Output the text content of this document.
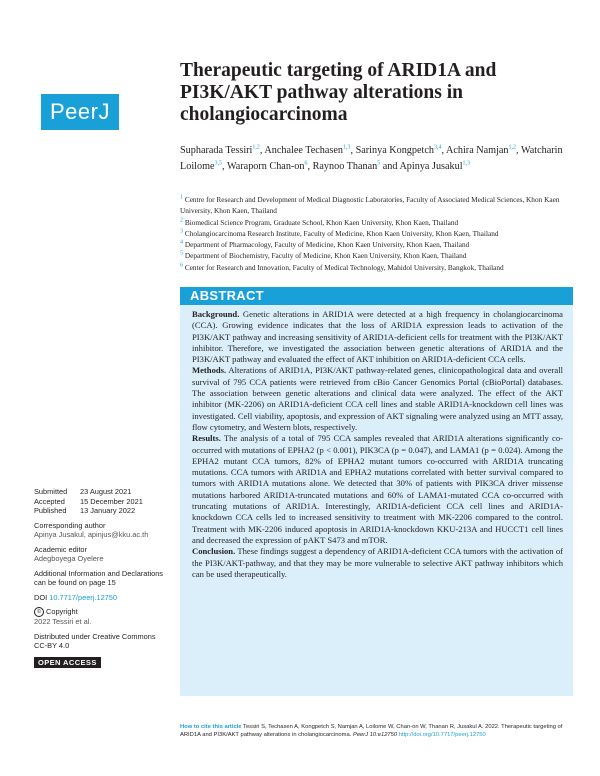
PeerJ
Therapeutic targeting of ARID1A and PI3K/AKT pathway alterations in cholangiocarcinoma

Supharada Tessiri$^{1,2}$, Anchalee Techasen$^{1,3}$, Sarinya Kongpetch$^{3,4}$, Achira Namjan$^{1,2}$, Watcharin Loilome$^{3,5}$, Waraporn Chan-$on^6$, Raynoo Thanan$^5$ and Apinya Jusakul$^{1,3}$

$^1$ Centre for Research and Development of Medical Diagnostic Laboratories, Faculty of Associated Medical Sciences, Khon Kaen University, Khon Kaen, Thailand
$^2$ Biomedical Science Program, Graduate School, Khon Kaen University, Khon Kaen, Thailand
$^3$ Cholangiocarcinoma Research Institute, Faculty of Medicine, Khon Kaen University, Khon Kaen, Thailand
$^4$ Department of Pharmacology, Faculty of Medicine, Khon Kaen University, Khon Kaen, Thailand
$^5$ Department of Biochemistry, Faculty of Medicine, Khon Kaen University, Khon Kaen, Thailand
$^6$ Center for Research and Innovation, Faculty of Medical Technology, Mahidol University, Bangkok, Thailand
ABSTRACT

Background. Genetic alterations in ARID1A were detected at a high frequency in cholangiocarcinoma (CCA). Growing evidence indicates that the loss of ARID1A expression leads to activation of the PI3K/AKT pathway and increasing sensitivity of ARID1A-deficient cells for treatment with the PI3K/AKT inhibitor. Therefore, we investigated the association between genetic alterations of ARID1A and the PI3K/AKT pathway and evaluated the effect of AKT inhibition on ARID1A-deficient CCA cells.

Methods. Alterations of ARID1A, PI3K/AKT pathway-related genes, clinicopathological data and overall survival of 795 CCA patients were retrieved from cBio Cancer Genomics Portal (cBioPortal) databases. The association between genetic alterations and clinical data were analyzed. The effect of the AKT inhibitor (MK-2206) on ARID1A-deficient CCA cell lines and stable ARID1A-knockdown cell lines was investigated. Cell viability, apoptosis, and expression of AKT signaling were analyzed using an MTT assay, flow cytometry, and Western blots, respectively.

Results. The analysis of a total of 795 CCA samples revealed that ARID1A alterations significantly co-occurred with mutations of EPHA2 (p < 0.001), PIK3CA (p = 0.047), and LAMA1 (p = 0.024). Among the EPHA2 mutant CCA tumors, 82% of EPHA2 mutant tumors co-occurred with ARID1A truncating mutations. CCA tumors with ARID1A and EPHA2 mutations correlated with better survival compared to tumors with ARID1A mutations alone. We detected that 30% of patients with PIK3CA driver missense mutations harbored ARID1A-truncated mutations and 60% of LAMA1-mutated CCA co-occurred with truncating mutations of ARID1A. Interestingly, ARID1A-deficient CCA cell lines and ARID1A-knockdown CCA cells led to increased sensitivity to treatment with MK-2206 compared to the control. Treatment with MK-2206 induced apoptosis in ARID1A-knockdown KKU-213A and HUCCT1 cell lines and decreased the expression of pAKT S473 and mTOR.

Conclusion. These findings suggest a dependency of ARID1A-deficient CCA tumors with the activation of the PI3K/AKT-pathway, and that they may be more vulnerable to selective AKT pathway inhibitors which can be used therapeutically.

Submitted	23 August 2021
Accepted	15 December 2021
Published	13 January 2022
Corresponding author
Apinya Jusakul, apinjus@kku.ac.th
Academic editor
Adegboyega Oyelere
Additional Information and Declarations can be found on page 15
DOI 10.7717/peerj.12750
© Copyright
2022 Tessiri et al.
Distributed under Creative Commons CC-BY 4.0
OPEN ACCESS
How to cite this article Tessiri S, Techasen A, Kongpetch S, Namjan A, Loilome W, Chan-on W, Thanan R, Jusakul A. 2022. Therapeutic targeting of ARID1A and PI3K/AKT pathway alterations in cholangiocarcinoma. PeerJ 10:e12750 http://doi.org/10.7717/peerj.12750
